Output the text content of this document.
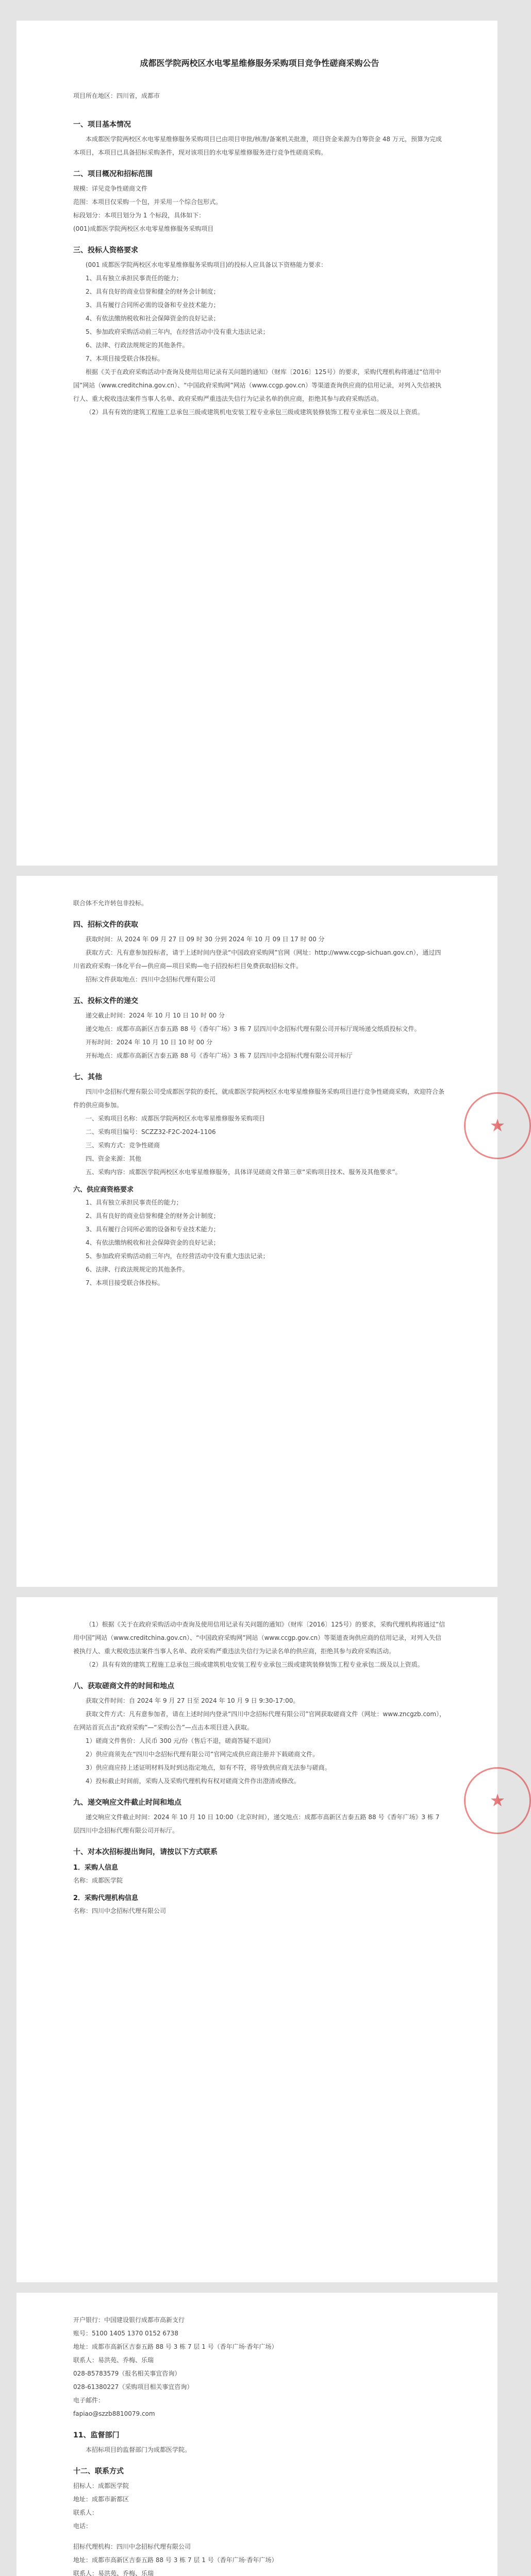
成都医学院两校区水电零星维修服务采购项目竞争性磋商采购公告

项目所在地区：四川省，成都市

一、项目基本情况

本成都医学院两校区水电零星维修服务采购项目已由项目审批/核准/备案机关批准，项目资金来源为自筹资金 48 万元，预算为完成本项目，本项目已具备招标采购条件，现对该项目的水电零星维修服务进行竞争性磋商采购。

二、项目概况和招标范围
规模：详见竞争性磋商文件
范围：本项目仅采购一个包，并采用一个综合包形式。
标段划分：本项目划分为 1 个标段，具体如下：
(001)成都医学院两校区水电零星维修服务采购项目
三、投标人资格要求

(001 成都医学院两校区水电零星维修服务采购项目)的投标人应具备以下资格能力要求：

1、具有独立承担民事责任的能力；
2、具有良好的商业信誉和健全的财务会计制度；
3、具有履行合同所必需的设备和专业技术能力；
4、有依法缴纳税收和社会保障资金的良好记录；
5、参加政府采购活动前三年内，在经营活动中没有重大违法记录；
6、法律、行政法规规定的其他条件。
7、本项目接受联合体投标。

根据《关于在政府采购活动中查询及使用信用记录有关问题的通知》（财库〔2016〕125号）的要求，采购代理机构将通过“信用中国”网站（www.creditchina.gov.cn）、“中国政府采购网”网站（www.ccgp.gov.cn）等渠道查询供应商的信用记录，对列入失信被执行人、重大税收违法案件当事人名单、政府采购严重违法失信行为记录名单的供应商，拒绝其参与政府采购活动。

（2）具有有效的建筑工程施工总承包三级或建筑机电安装工程专业承包三级或建筑装修装饰工程专业承包二级及以上资质。

联合体不允许转包非投标。
四、招标文件的获取

获取时间：从 2024 年 09 月 27 日 09 时 30 分到 2024 年 10 月 09 日 17 时 00 分

获取方式：凡有意参加投标者，请于上述时间内登录“中国政府采购网”官网（网址：http://www.ccgp-sichuan.gov.cn），通过四川省政府采购一体化平台—供应商—项目采购—电子招投标栏目免费获取招标文件。

招标文件获取地点：四川中念招标代理有限公司

五、投标文件的递交

递交截止时间：2024 年 10 月 10 日 10 时 00 分

递交地点：成都市高新区吉泰五路 88 号《香年广场》3 栋 7 层四川中念招标代理有限公司开标厅现场递交纸质投标文件。

开标时间：2024 年 10 月 10 日 10 时 00 分

开标地点：成都市高新区吉泰五路 88 号《香年广场》3 栋 7 层四川中念招标代理有限公司开标厅

七、其他

四川中念招标代理有限公司受成都医学院的委托，就成都医学院两校区水电零星维修服务采购项目进行竞争性磋商采购，欢迎符合条件的供应商参加。

一、采购项目名称：成都医学院两校区水电零星维修服务采购项目

二、采购项目编号：SCZZ32-F2C-2024-1106

三、采购方式：竞争性磋商

四、资金来源：其他

五、采购内容：成都医学院两校区水电零星维修服务，具体详见磋商文件第三章“采购项目技术、服务及其他要求”。

六、供应商资格要求
1、具有独立承担民事责任的能力；
2、具有良好的商业信誉和健全的财务会计制度；
3、具有履行合同所必需的设备和专业技术能力；
4、有依法缴纳税收和社会保障资金的良好记录；
5、参加政府采购活动前三年内，在经营活动中没有重大违法记录；
6、法律、行政法规规定的其他条件。
7、本项目接受联合体投标。
★

（1）根据《关于在政府采购活动中查询及使用信用记录有关问题的通知》（财库〔2016〕125号）的要求，采购代理机构将通过“信用中国”网站（www.creditchina.gov.cn）、“中国政府采购网”网站（www.ccgp.gov.cn）等渠道查询供应商的信用记录，对列入失信被执行人、重大税收违法案件当事人名单、政府采购严重违法失信行为记录名单的供应商，拒绝其参与政府采购活动。

（2）具有有效的建筑工程施工总承包三级或建筑机电安装工程专业承包三级或建筑装修装饰工程专业承包二级及以上资质。

八、获取磋商文件的时间和地点

获取文件时间：自 2024 年 9 月 27 日至 2024 年 10 月 9 日 9:30-17:00。

获取文件方式：凡有意参加者，请在上述时间内登录“四川中念招标代理有限公司”官网获取磋商文件（网址：www.zncgzb.com），在网站首页点击“政府采购”—“采购公告”—点击本项目进入获取。

1）磋商文件售价：人民币 300 元/份（售后不退，磋商答疑不退回）

2）供应商须先在“四川中念招标代理有限公司”官网完成供应商注册并下载磋商文件。

3）供应商应持上述证明材料及时到达指定地点，如有不符，将导致供应商无法参与磋商。

4）投标截止时间前，采购人及采购代理机构有权对磋商文件作出澄清或修改。

九、递交响应文件截止时间和地点

递交响应文件截止时间：2024 年 10 月 10 日 10:00（北京时间），递交地点：成都市高新区吉泰五路 88 号《香年广场》3 栋 7 层四川中念招标代理有限公司开标厅。

十、对本次招标提出询问，请按以下方式联系
1．采购人信息
名称：成都医学院
2．采购代理机构信息
名称：四川中念招标代理有限公司
★
开户银行：中国建设银行成都市高新支行
账号：5100 1405 1370 0152 6738
地址：成都市高新区吉泰五路 88 号 3 栋 7 层 1 号（香年广场·香年广场）
联系人：易洪苑、乔梅、乐瑞
028-85783579（报名相关事宜咨询）
028-61380227（采购项目相关事宜咨询）
电子邮件：
fapiao@szzb8810079.com
11、监督部门

本招标项目的监督部门为成都医学院。

十二、联系方式
招标人：成都医学院
地址：成都市新都区
联系人：
电话：
招标代理机构：四川中念招标代理有限公司
地址：成都市高新区吉泰五路 88 号 3 栋 7 层 1 号（香年广场·香年广场）
联系人：易洪苑、乔梅、乐瑞
